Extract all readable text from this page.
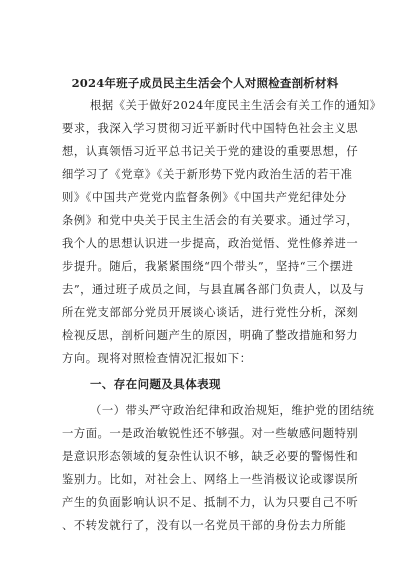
2024年班子成员民主生活会个人对照检查剖析材料
根据《关于做好2024年度民主生活会有关工作的通知》
要求，我深入学习贯彻习近平新时代中国特色社会主义思
想，认真领悟习近平总书记关于党的建设的重要思想，仔
细学习了《党章》《关于新形势下党内政治生活的若干准
则》《中国共产党党内监督条例》《中国共产党纪律处分
条例》和党中央关于民主生活会的有关要求。通过学习，
我个人的思想认识进一步提高，政治觉悟、党性修养进一
步提升。随后，我紧紧围绕“四个带头”，坚持“三个摆进
去”，通过班子成员之间，与县直属各部门负责人，以及与
所在党支部部分党员开展谈心谈话，进行党性分析，深刻
检视反思，剖析问题产生的原因，明确了整改措施和努力
方向。现将对照检查情况汇报如下：
一、存在问题及具体表现
（一）带头严守政治纪律和政治规矩，维护党的团结统
一方面。一是政治敏锐性还不够强。对一些敏感问题特别
是意识形态领域的复杂性认识不够，缺乏必要的警惕性和
鉴别力。比如，对社会上、网络上一些消极议论或谬误所
产生的负面影响认识不足、抵制不力，认为只要自己不听
、不转发就行了，没有以一名党员干部的身份去力所能
